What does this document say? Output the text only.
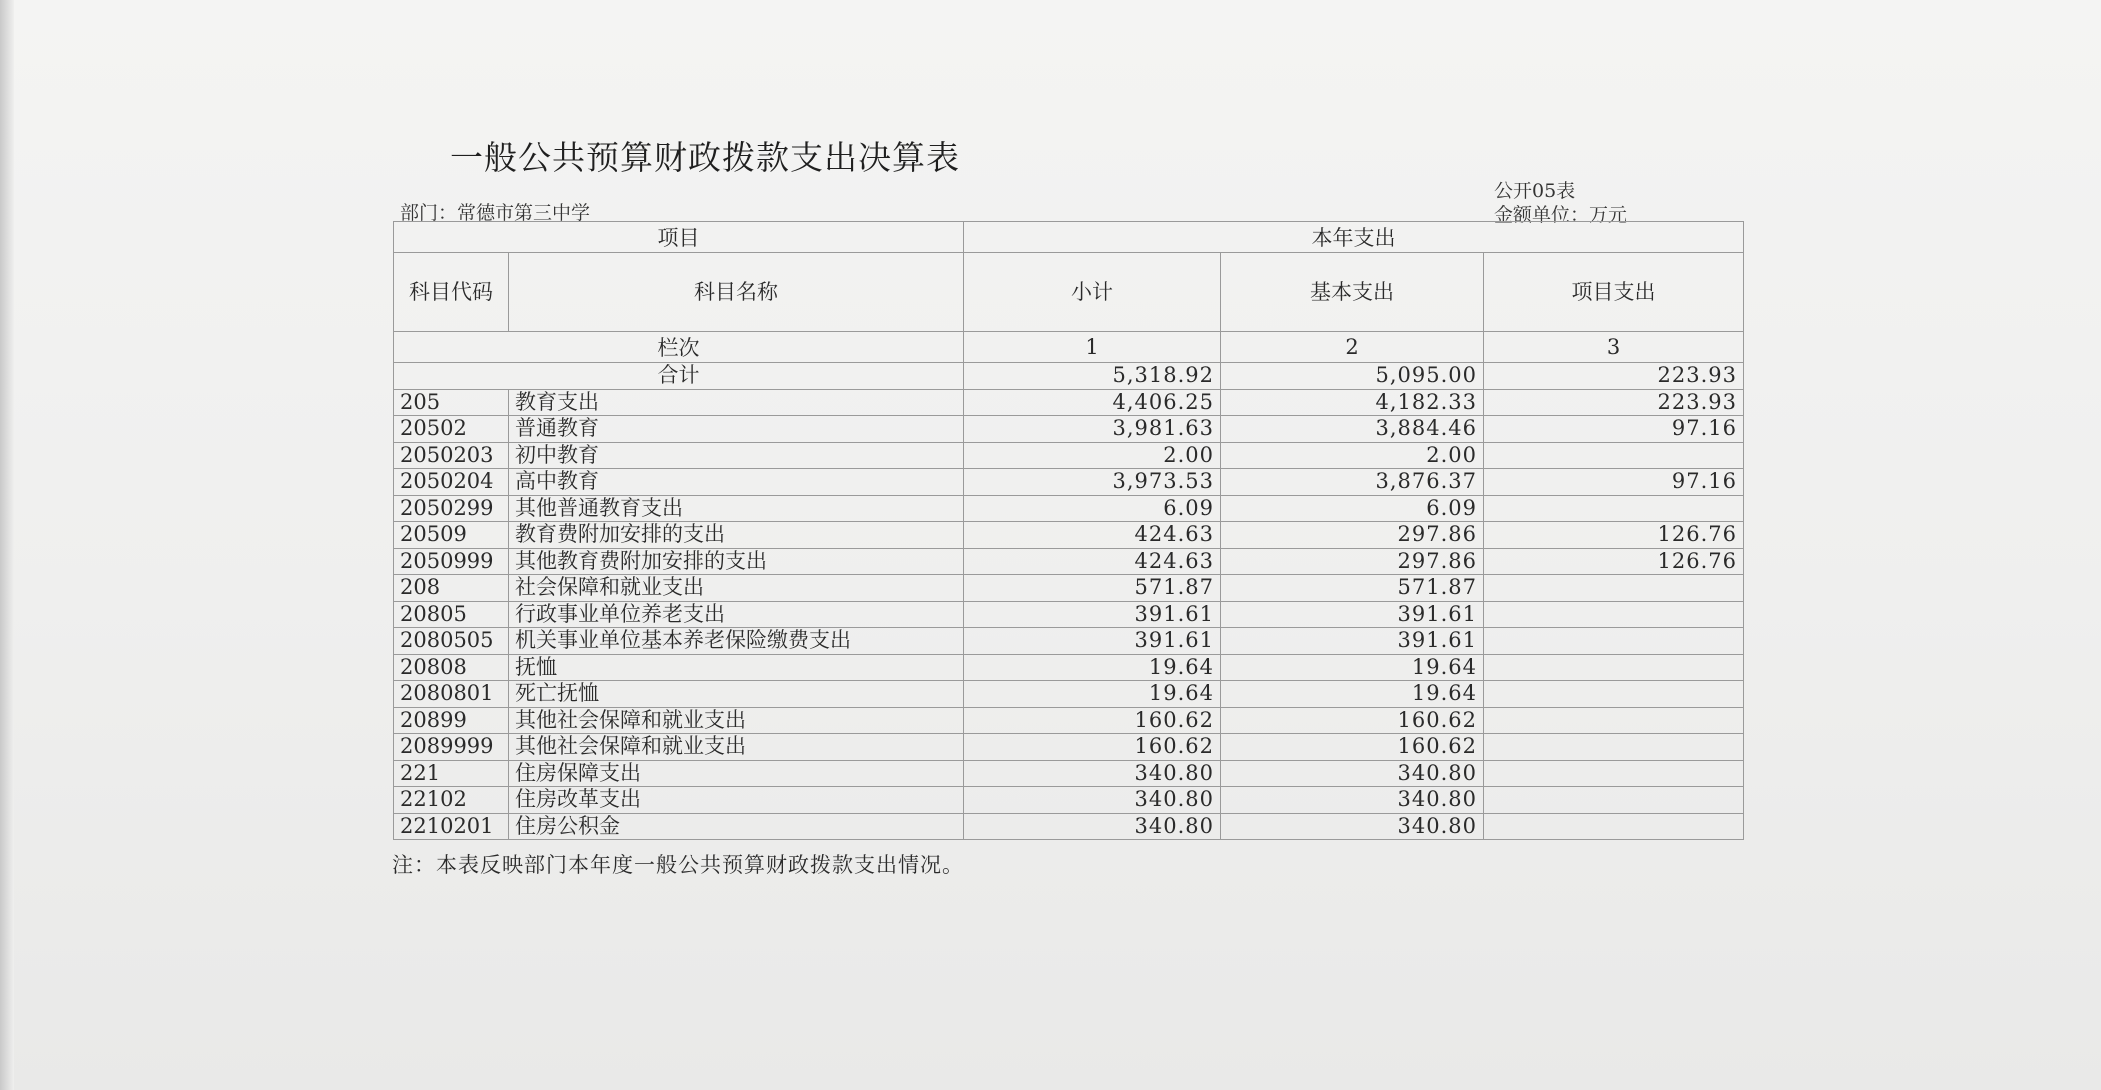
一般公共预算财政拨款支出决算表
公开05表
部门：常德市第三中学	金额单位：万元
项目		本年支出		
科目代码	科目名称	小计	基本支出	项目支出
栏次		1	2	3
合计		5,318.92	5,095.00	223.93
205	教育支出	4,406.25	4,182.33	223.93
20502	普通教育	3,981.63	3,884.46	97.16
2050203	初中教育	2.00	2.00	
2050204	高中教育	3,973.53	3,876.37	97.16
2050299	其他普通教育支出	6.09	6.09	
20509	教育费附加安排的支出	424.63	297.86	126.76
2050999	其他教育费附加安排的支出	424.63	297.86	126.76
208	社会保障和就业支出	571.87	571.87	
20805	行政事业单位养老支出	391.61	391.61	
2080505	机关事业单位基本养老保险缴费支出	391.61	391.61	
20808	抚恤	19.64	19.64	
2080801	死亡抚恤	19.64	19.64	
20899	其他社会保障和就业支出	160.62	160.62	
2089999	其他社会保障和就业支出	160.62	160.62	
221	住房保障支出	340.80	340.80	
22102	住房改革支出	340.80	340.80	
2210201	住房公积金	340.80	340.80	
注：本表反映部门本年度一般公共预算财政拨款支出情况。
